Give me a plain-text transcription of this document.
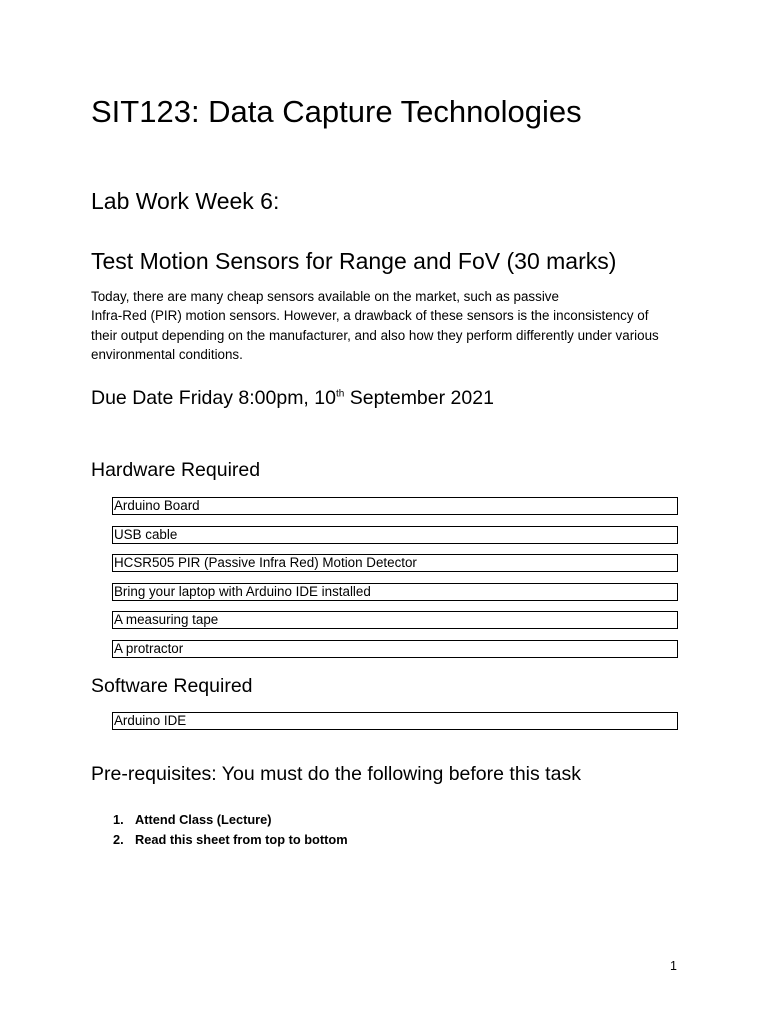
SIT123: Data Capture Technologies
Lab Work Week 6:
Test Motion Sensors for Range and FoV (30 marks)

Today, there are many cheap sensors available on the market, such as passive
Infra-Red (PIR) motion sensors. However, a drawback of these sensors is the inconsistency of
their output depending on the manufacturer, and also how they perform differently under various
environmental conditions.

Due Date Friday 8:00pm, 10th September 2021
Hardware Required
Arduino Board
USB cable
HCSR505 PIR (Passive Infra Red) Motion Detector
Bring your laptop with Arduino IDE installed
A measuring tape
A protractor
Software Required
Arduino IDE
Pre-requisites: You must do the following before this task
1. Attend Class (Lecture)
2. Read this sheet from top to bottom
1
